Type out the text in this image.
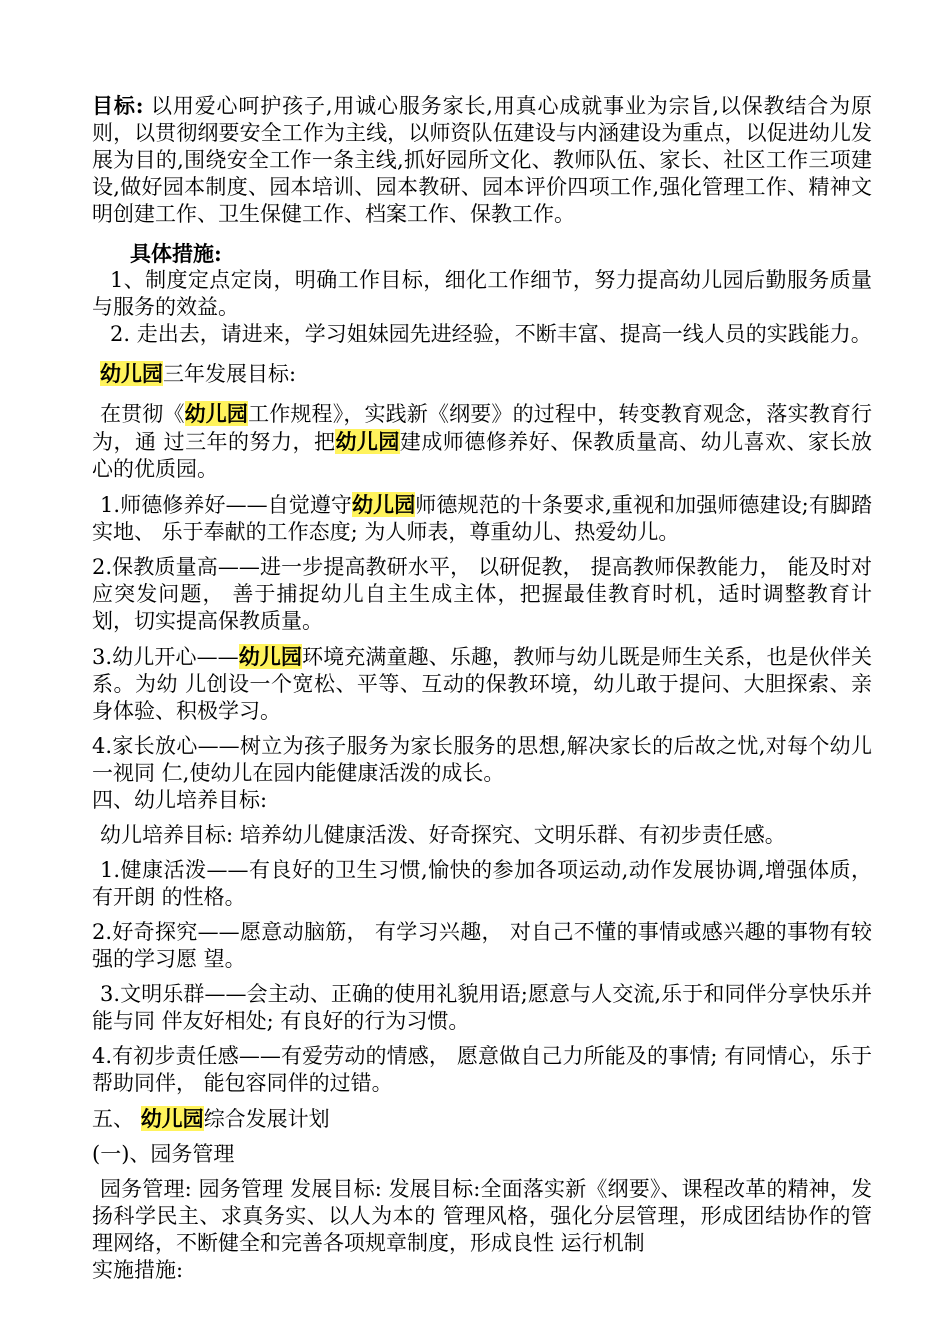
目标: 以用爱心呵护孩子,用诚心服务家长,用真心成就事业为宗旨,以保教结合为原则，以贯彻纲要安全工作为主线，以师资队伍建设与内涵建设为重点，以促进幼儿发展为目的,围绕安全工作一条主线,抓好园所文化、教师队伍、家长、社区工作三项建设,做好园本制度、园本培训、园本教研、园本评价四项工作,强化管理工作、精神文明创建工作、卫生保健工作、档案工作、保教工作。

具体措施:

1、制度定点定岗，明确工作目标，细化工作细节，努力提高幼儿园后勤服务质量与服务的效益。

2. 走出去，请进来，学习姐妹园先进经验，不断丰富、提高一线人员的实践能力。

幼儿园三年发展目标:

在贯彻《幼儿园工作规程》，实践新《纲要》的过程中，转变教育观念，落实教育行为，通 过三年的努力，把幼儿园建成师德修养好、保教质量高、幼儿喜欢、家长放心的优质园。

1.师德修养好——自觉遵守幼儿园师德规范的十条要求,重视和加强师德建设;有脚踏实地、 乐于奉献的工作态度; 为人师表，尊重幼儿、热爱幼儿。

2.保教质量高——进一步提高教研水平， 以研促教， 提高教师保教能力， 能及时对应突发问题， 善于捕捉幼儿自主生成主体，把握最佳教育时机，适时调整教育计划，切实提高保教质量。

3.幼儿开心——幼儿园环境充满童趣、乐趣，教师与幼儿既是师生关系，也是伙伴关系。为幼 儿创设一个宽松、平等、互动的保教环境，幼儿敢于提问、大胆探索、亲身体验、积极学习。

4.家长放心——树立为孩子服务为家长服务的思想,解决家长的后故之忧,对每个幼儿一视同 仁,使幼儿在园内能健康活泼的成长。

四、幼儿培养目标:

幼儿培养目标: 培养幼儿健康活泼、好奇探究、文明乐群、有初步责任感。

1.健康活泼——有良好的卫生习惯,愉快的参加各项运动,动作发展协调,增强体质，有开朗 的性格。

2.好奇探究——愿意动脑筋， 有学习兴趣， 对自己不懂的事情或感兴趣的事物有较强的学习愿 望。

3.文明乐群——会主动、正确的使用礼貌用语;愿意与人交流,乐于和同伴分享快乐并能与同 伴友好相处; 有良好的行为习惯。

4.有初步责任感——有爱劳动的情感， 愿意做自己力所能及的事情; 有同情心，乐于帮助同伴， 能包容同伴的过错。

五、 幼儿园综合发展计划

(一)、园务管理

园务管理: 园务管理 发展目标: 发展目标:全面落实新《纲要》、课程改革的精神，发扬科学民主、求真务实、以人为本的 管理风格，强化分层管理，形成团结协作的管理网络，不断健全和完善各项规章制度，形成良性 运行机制

实施措施:
